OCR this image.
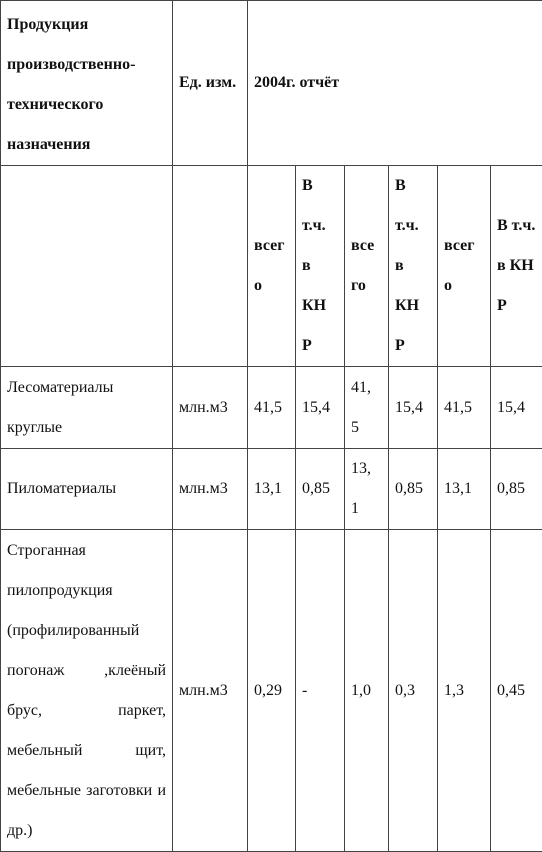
Продукция производственно-технического назначения	Ед. изм.	2004г. отчёт					

		всег о	В т.ч. в КН Р	все го	В т.ч. в КН Р	всег о	В т.ч. в КН Р
Лесоматериалы круглые	млн.м3	41,5	15,4	41, 5	15,4	41,5	15,4
Пиломатериалы	млн.м3	13,1	0,85	13, 1	0,85	13,1	0,85
Строганная пилопродукция (профилированный погонаж ,клеёный брус, паркет, мебельный щит, мебельные заготовки и др.)	млн.м3	0,29	-	1,0	0,3	1,3	0,45
